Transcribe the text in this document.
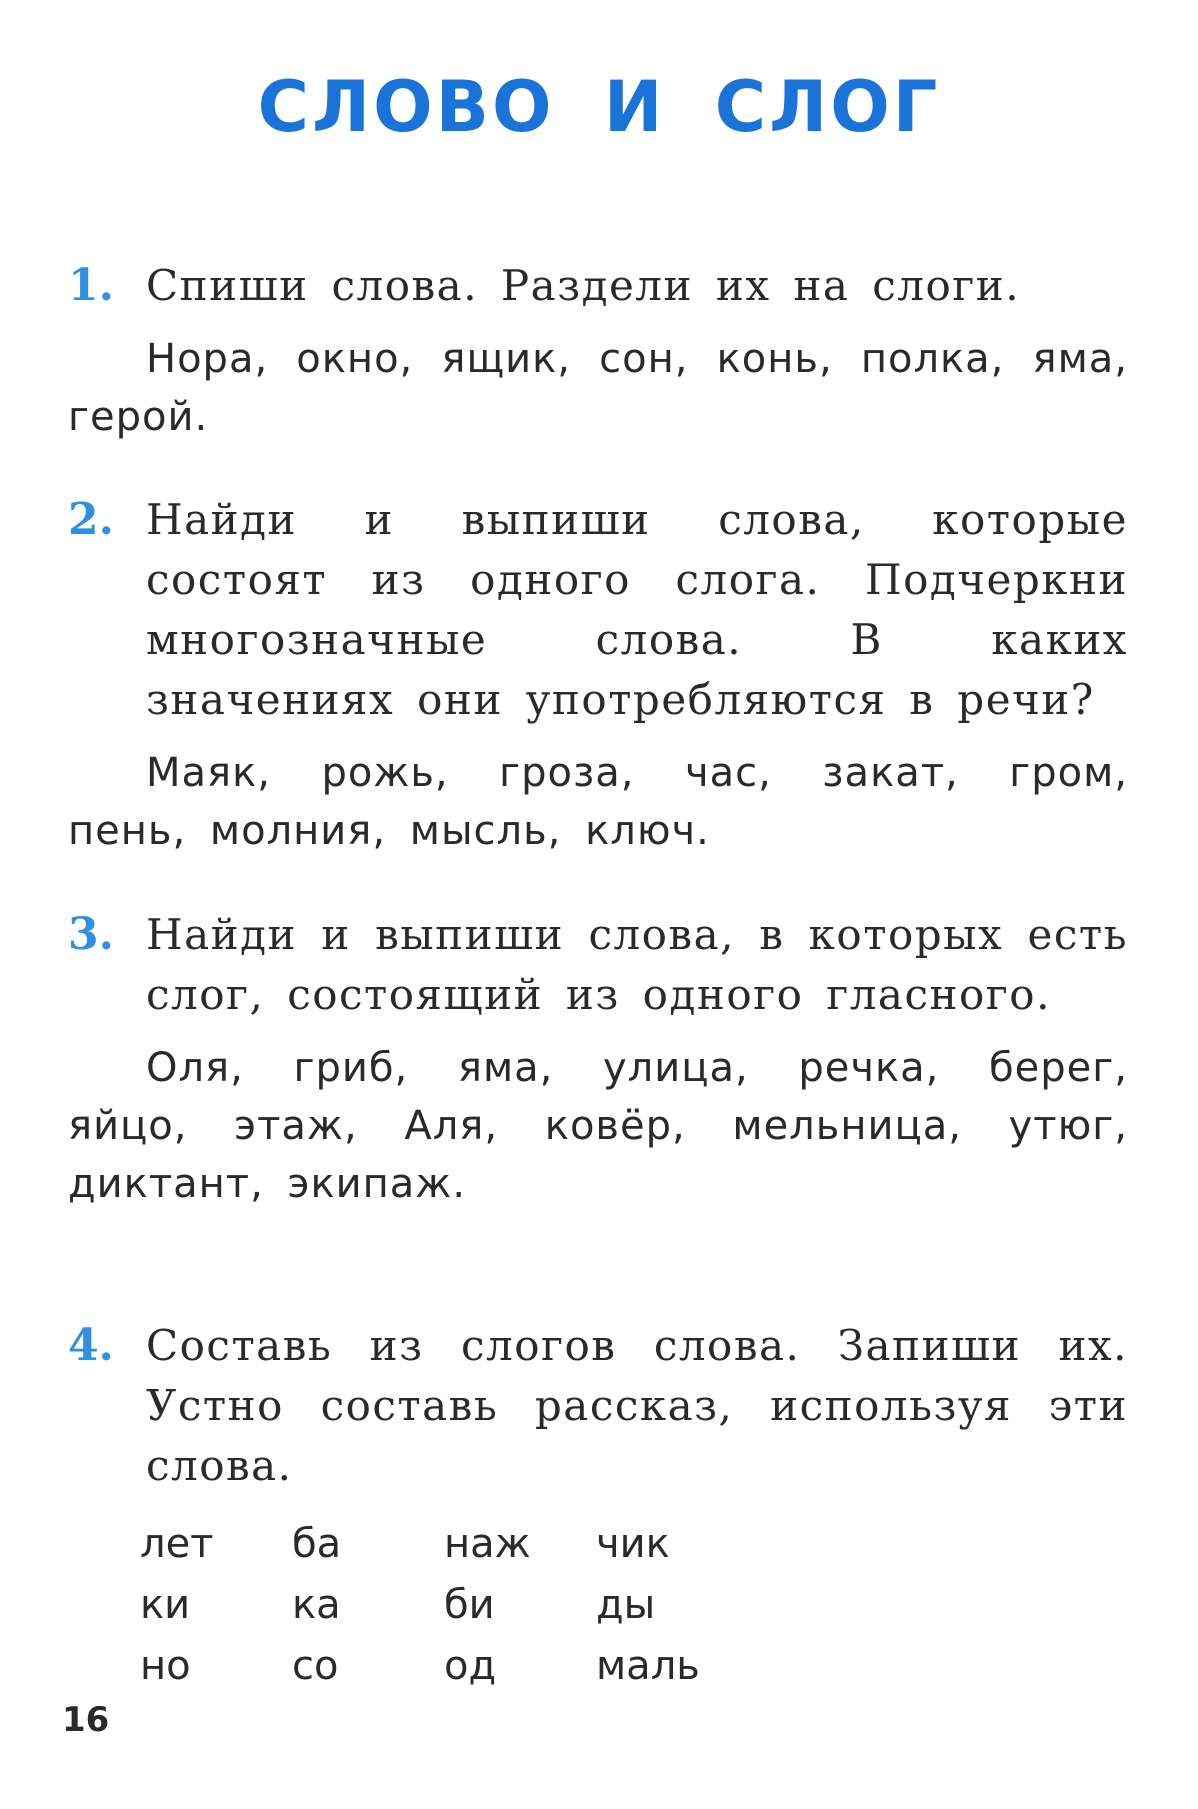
СЛОВО И СЛОГ
1. Спиши слова. Раздели их на слоги.
Нора, окно, ящик, сон, конь, полка, яма, герой.
2. Найди и выпиши слова, которые состоят из одного слога. Подчеркни многозначные слова. В каких значениях они употребляются в речи?
Маяк, рожь, гроза, час, закат, гром, пень, молния, мысль, ключ.
3. Найди и выпиши слова, в которых есть слог, состоящий из одного гласного.
Оля, гриб, яма, улица, речка, берег, яйцо, этаж, Аля, ковёр, мельница, утюг, диктант, экипаж.
4. Составь из слогов слова. Запиши их. Устно составь рассказ, используя эти слова.
лет	ба	наж	чик
ки	ка	би	ды
но	со	од	маль
16
